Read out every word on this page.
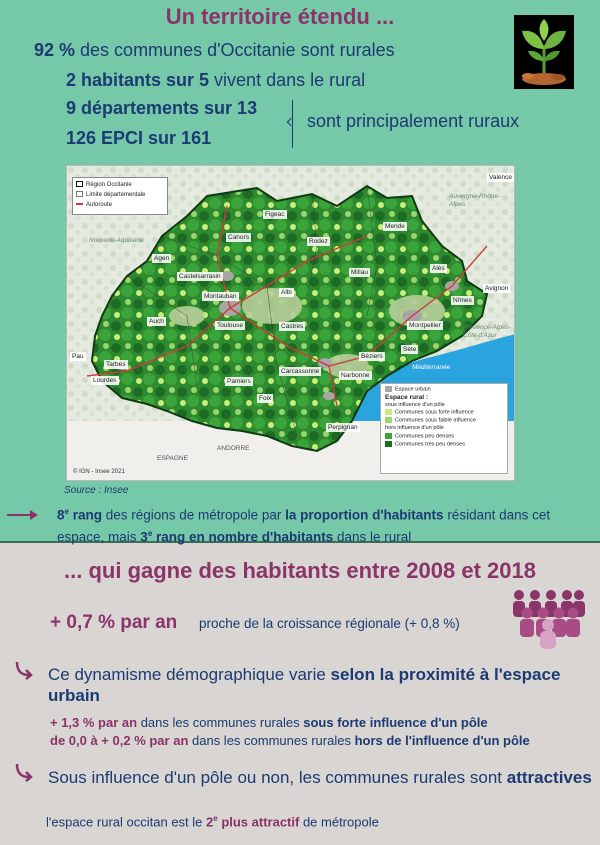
Un territoire étendu ...
92 % des communes d'Occitanie sont rurales
2 habitants sur 5 vivent dans le rural
9 départements sur 13
126 EPCI sur 161
sont principalement ruraux
Région Occitanie
Limite départementale
Autoroute
Cahors
Figeac
Rodez
Mende
Agen
Castelsarrasin
Montauban
Albi
Millau
Alès
Nîmes
Auch
Toulouse	Castres	Montpellier
Pau
Tarbes
Lourdes
Carcassonne
Narbonne
Béziers
Sète
Pamiers
Foix
Perpignan
Avignon
Valence
Nouvelle-Aquitaine
Auvergne-Rhône-Alpes
Provence-Alpes-Côte d'Azur
ESPAGNE
ANDORRE
Méditerranée
Espace urbain
Espace rural :
sous influence d'un pôle
Communes sous forte influence
Communes sous faible influence
hors influence d'un pôle
Communes peu denses
Communes très peu denses
© IGN - Insee 2021
Source : Insee

8e rang des régions de métropole par la proportion d'habitants résidant dans cet espace, mais 3e rang en nombre d'habitants dans le rural

... qui gagne des habitants entre 2008 et 2018
+ 0,7 % par an proche de la croissance régionale (+ 0,8 %)

Ce dynamisme démographique varie selon la proximité à l'espace urbain

+ 1,3 % par an dans les communes rurales sous forte influence d'un pôle
de 0,0 à + 0,2 % par an dans les communes rurales hors de l'influence d'un pôle

Sous influence d'un pôle ou non, les communes rurales sont attractives

l'espace rural occitan est le 2e plus attractif de métropole
